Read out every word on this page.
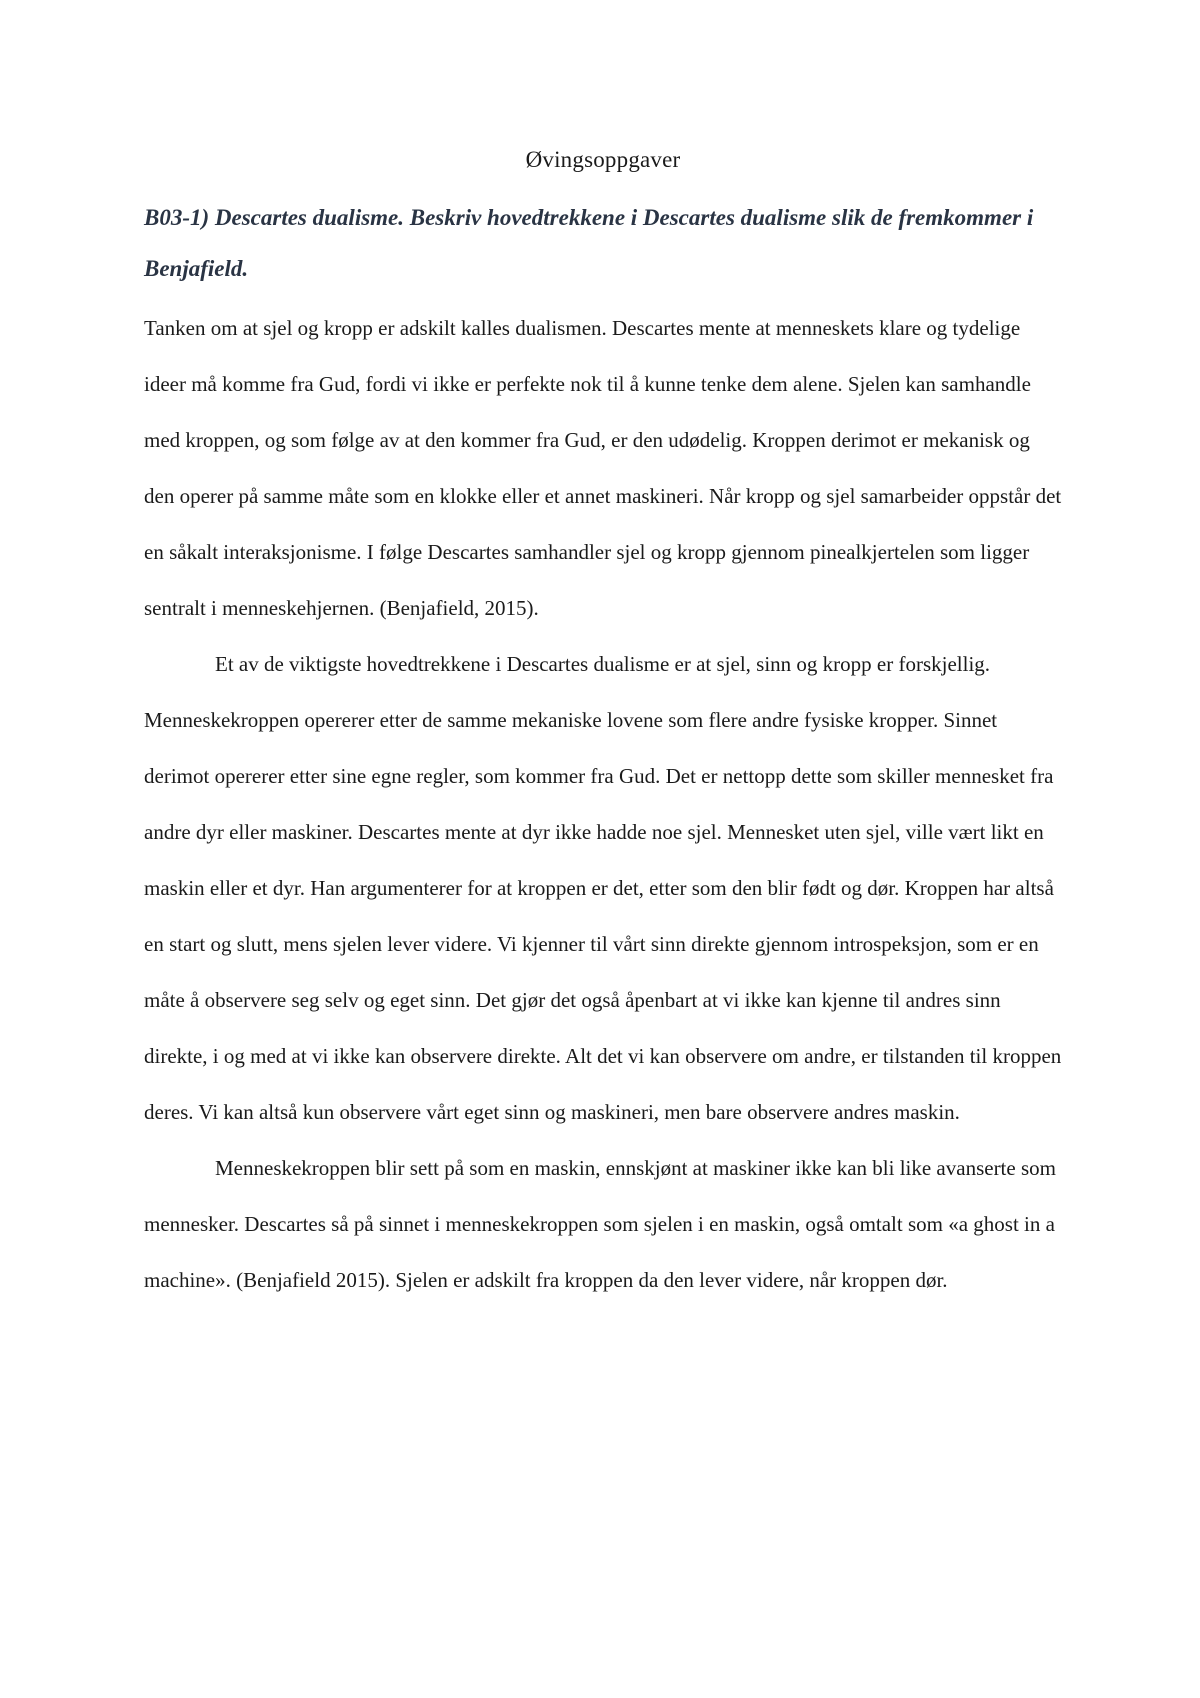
Øvingsoppgaver
B03-1) Descartes dualisme. Beskriv hovedtrekkene i Descartes dualisme slik de fremkommer i Benjafield.

Tanken om at sjel og kropp er adskilt kalles dualismen. Descartes mente at menneskets klare og tydelige ideer må komme fra Gud, fordi vi ikke er perfekte nok til å kunne tenke dem alene. Sjelen kan samhandle med kroppen, og som følge av at den kommer fra Gud, er den udødelig. Kroppen derimot er mekanisk og den operer på samme måte som en klokke eller et annet maskineri. Når kropp og sjel samarbeider oppstår det en såkalt interaksjonisme. I følge Descartes samhandler sjel og kropp gjennom pinealkjertelen som ligger sentralt i menneskehjernen. (Benjafield, 2015).

Et av de viktigste hovedtrekkene i Descartes dualisme er at sjel, sinn og kropp er forskjellig. Menneskekroppen opererer etter de samme mekaniske lovene som flere andre fysiske kropper. Sinnet derimot opererer etter sine egne regler, som kommer fra Gud. Det er nettopp dette som skiller mennesket fra andre dyr eller maskiner. Descartes mente at dyr ikke hadde noe sjel. Mennesket uten sjel, ville vært likt en maskin eller et dyr. Han argumenterer for at kroppen er det, etter som den blir født og dør. Kroppen har altså en start og slutt, mens sjelen lever videre. Vi kjenner til vårt sinn direkte gjennom introspeksjon, som er en måte å observere seg selv og eget sinn. Det gjør det også åpenbart at vi ikke kan kjenne til andres sinn direkte, i og med at vi ikke kan observere direkte. Alt det vi kan observere om andre, er tilstanden til kroppen deres. Vi kan altså kun observere vårt eget sinn og maskineri, men bare observere andres maskin.

Menneskekroppen blir sett på som en maskin, ennskjønt at maskiner ikke kan bli like avanserte som mennesker. Descartes så på sinnet i menneskekroppen som sjelen i en maskin, også omtalt som «a ghost in a machine». (Benjafield 2015). Sjelen er adskilt fra kroppen da den lever videre, når kroppen dør.
